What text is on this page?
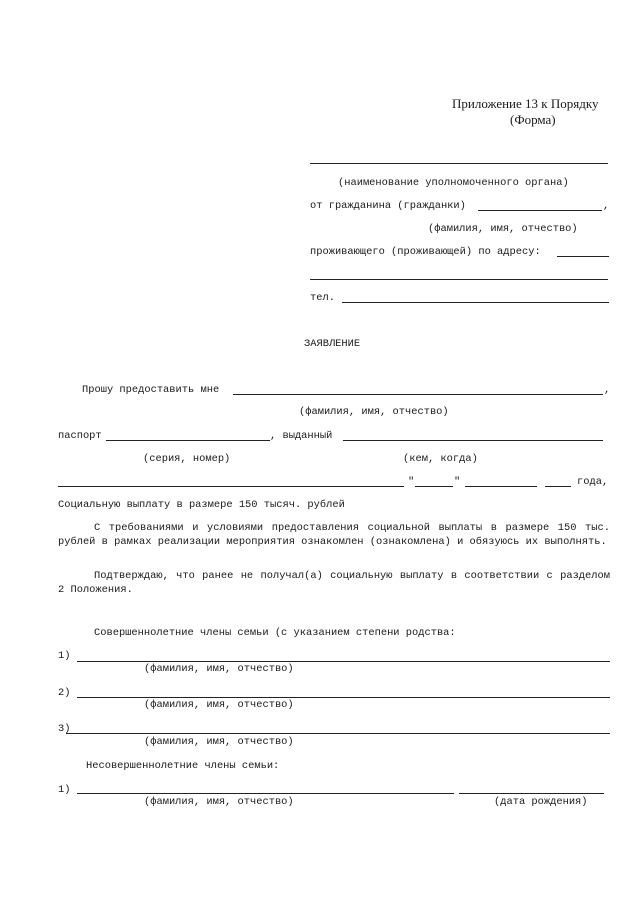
Приложение 13 к Порядку
(Форма)
(наименование уполномоченного органа)
от гражданина (гражданки)	,
(фамилия, имя, отчество)
проживающего (проживающей) по адресу:
тел.
ЗАЯВЛЕНИЕ
Прошу предоставить мне	,
(фамилия, имя, отчество)
паспорт	, выданный
(серия, номер)	(кем, когда)
"	"	года,
Социальную выплату в размере 150 тысяч. рублей
С требованиями и условиями предоставления социальной выплаты в размере 150 тыс. рублей в рамках реализации мероприятия ознакомлен (ознакомлена) и обязуюсь их выполнять.
Подтверждаю, что ранее не получал(а) социальную выплату в соответствии с разделом 2 Положения.
Совершеннолетние члены семьи (с указанием степени родства:
1)
(фамилия, имя, отчество)
2)
(фамилия, имя, отчество)
3)
(фамилия, имя, отчество)
Несовершеннолетние члены семьи:
1)
(фамилия, имя, отчество)	(дата рождения)
